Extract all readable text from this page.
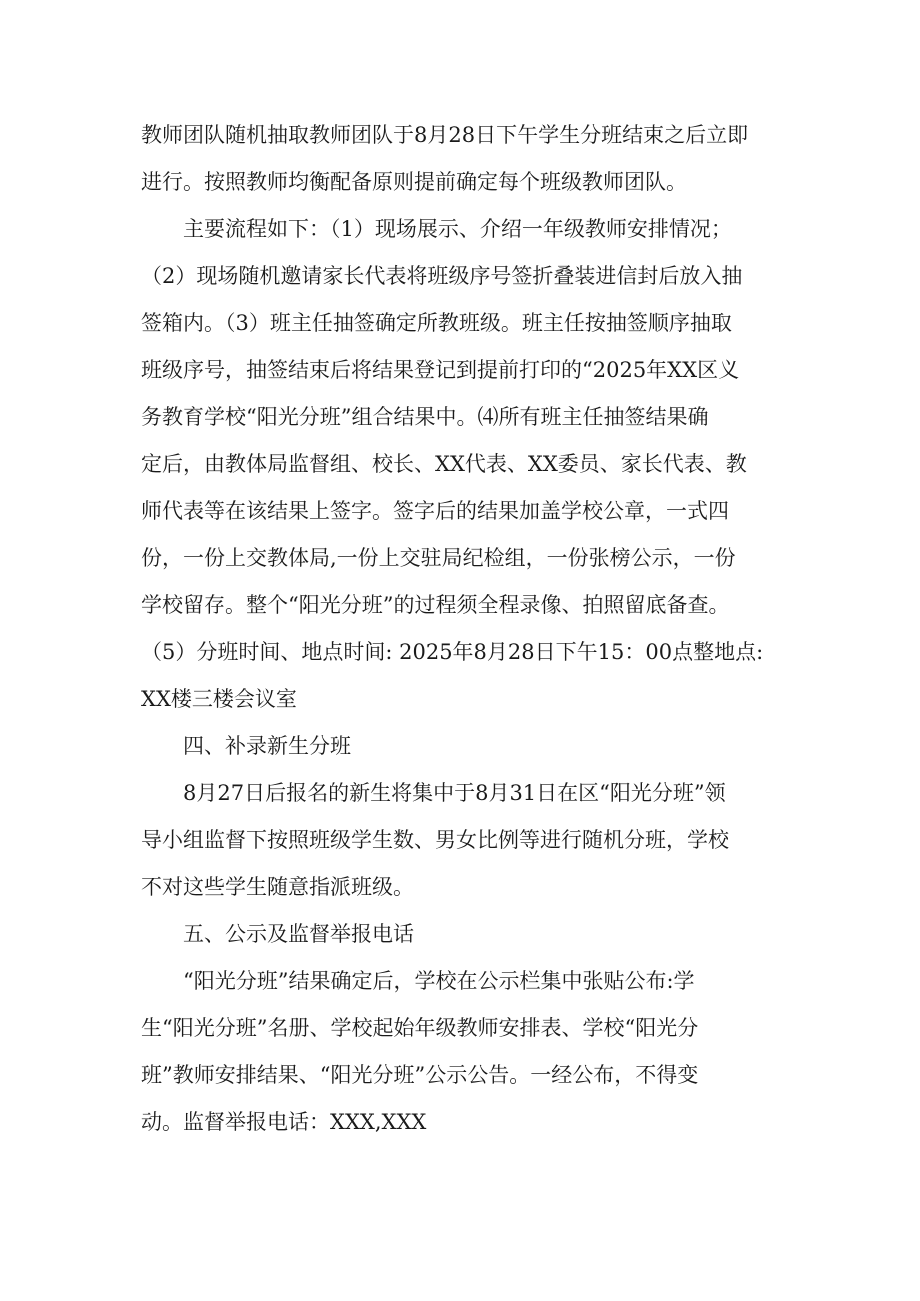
教师团队随机抽取教师团队于8月28日下午学生分班结束之后立即
进行。按照教师均衡配备原则提前确定每个班级教师团队。
主要流程如下：（1）现场展示、介绍一年级教师安排情况；
（2）现场随机邀请家长代表将班级序号签折叠装进信封后放入抽
签箱内。（3）班主任抽签确定所教班级。班主任按抽签顺序抽取
班级序号，抽签结束后将结果登记到提前打印的“2025年XX区义
务教育学校“阳光分班”组合结果中。⑷所有班主任抽签结果确
定后，由教体局监督组、校长、XX代表、XX委员、家长代表、教
师代表等在该结果上签字。签字后的结果加盖学校公章，一式四
份，一份上交教体局,一份上交驻局纪检组，一份张榜公示，一份
学校留存。整个“阳光分班”的过程须全程录像、拍照留底备查。
（5）分班时间、地点时间: 2025年8月28日下午15：00点整地点:
XX楼三楼会议室
四、补录新生分班
8月27日后报名的新生将集中于8月31日在区“阳光分班”领
导小组监督下按照班级学生数、男女比例等进行随机分班，学校
不对这些学生随意指派班级。
五、公示及监督举报电话
“阳光分班”结果确定后，学校在公示栏集中张贴公布:学
生“阳光分班”名册、学校起始年级教师安排表、学校“阳光分
班”教师安排结果、“阳光分班”公示公告。一经公布，不得变
动。监督举报电话：XXX,XXX
